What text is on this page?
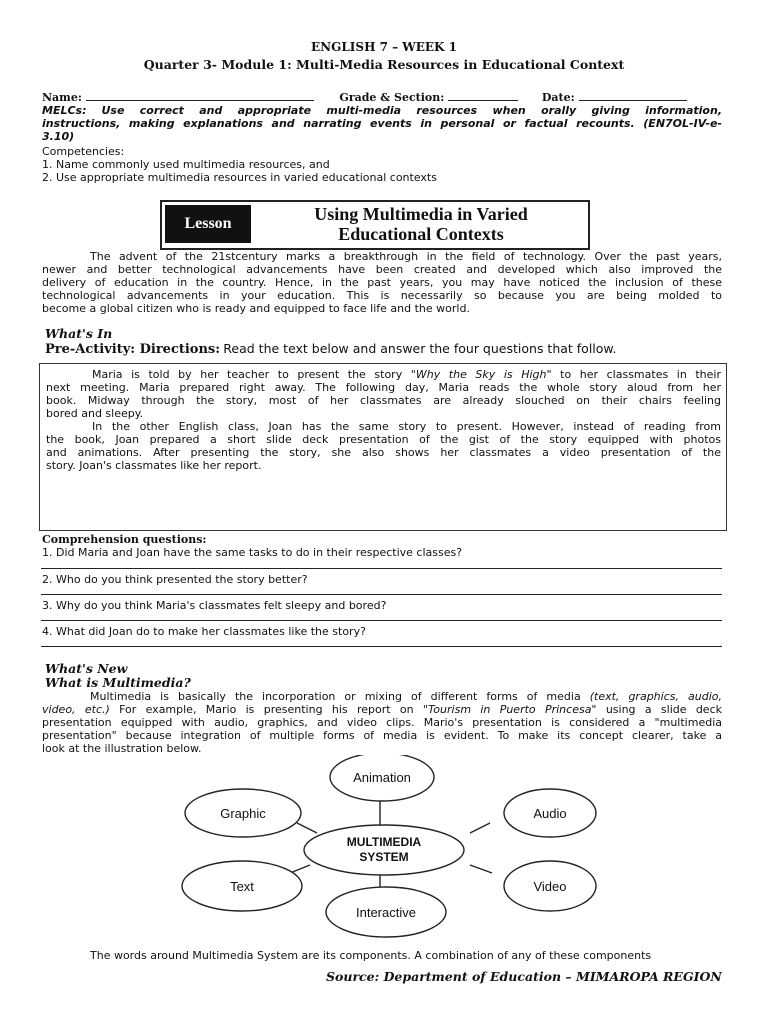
ENGLISH 7 – WEEK 1
Quarter 3- Module 1: Multi-Media Resources in Educational Context
Name:	Grade & Section:	Date:
MELCs: Use correct and appropriate multi-media resources when orally giving information,
instructions, making explanations and narrating events in personal or factual recounts. (EN7OL-IV-e-
3.10)
Competencies:
1. Name commonly used multimedia resources, and
2. Use appropriate multimedia resources in varied educational contexts
Lesson	Using Multimedia in Varied
Educational Contexts
The advent of the 21stcentury marks a breakthrough in the field of technology. Over the past years,
newer and better technological advancements have been created and developed which also improved the
delivery of education in the country. Hence, in the past years, you may have noticed the inclusion of these
technological advancements in your education. This is necessarily so because you are being molded to
become a global citizen who is ready and equipped to face life and the world.
What's In
Pre-Activity: Directions: Read the text below and answer the four questions that follow.
Maria is told by her teacher to present the story "Why the Sky is High" to her classmates in their
next meeting. Maria prepared right away. The following day, Maria reads the whole story aloud from her
book. Midway through the story, most of her classmates are already slouched on their chairs feeling
bored and sleepy.
In the other English class, Joan has the same story to present. However, instead of reading from
the book, Joan prepared a short slide deck presentation of the gist of the story equipped with photos
and animations. After presenting the story, she also shows her classmates a video presentation of the
story. Joan's classmates like her report.
Comprehension questions:
1. Did Maria and Joan have the same tasks to do in their respective classes?
2. Who do you think presented the story better?
3. Why do you think Maria's classmates felt sleepy and bored?
4. What did Joan do to make her classmates like the story?
What's New
What is Multimedia?
Multimedia is basically the incorporation or mixing of different forms of media (text, graphics, audio,
video, etc.) For example, Mario is presenting his report on "Tourism in Puerto Princesa" using a slide deck
presentation equipped with audio, graphics, and video clips. Mario's presentation is considered a "multimedia
presentation" because integration of multiple forms of media is evident. To make its concept clearer, take a
look at the illustration below.
Animation
Graphic	Audio
Text	Video
Interactive
MULTIMEDIA
SYSTEM
The words around Multimedia System are its components. A combination of any of these components
Source: Department of Education – MIMAROPA REGION
